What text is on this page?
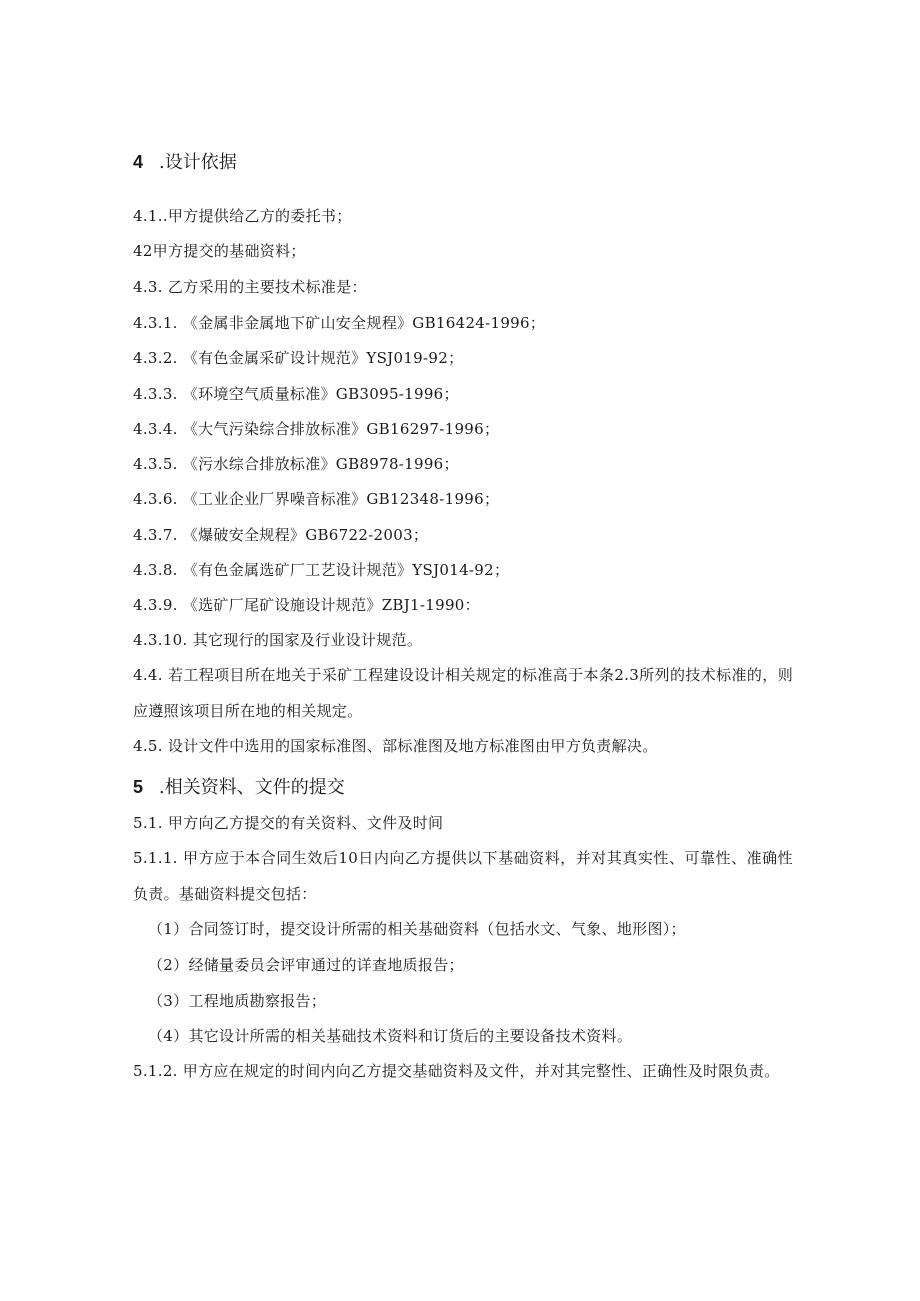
4 .设计依据
4.1..甲方提供给乙方的委托书；
42甲方提交的基础资料；
4.3. 乙方采用的主要技术标准是：
4.3.1. 《金属非金属地下矿山安全规程》GB16424-1996；
4.3.2. 《有色金属采矿设计规范》YSJ019-92；
4.3.3. 《环境空气质量标准》GB3095-1996；
4.3.4. 《大气污染综合排放标准》GB16297-1996；
4.3.5. 《污水综合排放标准》GB8978-1996；
4.3.6. 《工业企业厂界噪音标准》GB12348-1996；
4.3.7. 《爆破安全规程》GB6722-2003；
4.3.8. 《有色金属选矿厂工艺设计规范》YSJ014-92；
4.3.9. 《选矿厂尾矿设施设计规范》ZBJ1-1990：
4.3.10. 其它现行的国家及行业设计规范。
4.4. 若工程项目所在地关于采矿工程建设设计相关规定的标准高于本条2.3所列的技术标准的，则应遵照该项目所在地的相关规定。
4.5. 设计文件中选用的国家标准图、部标准图及地方标准图由甲方负责解决。
5 .相关资料、文件的提交
5.1. 甲方向乙方提交的有关资料、文件及时间
5.1.1. 甲方应于本合同生效后10日内向乙方提供以下基础资料，并对其真实性、可靠性、准确性负责。基础资料提交包括：
（1）合同签订时，提交设计所需的相关基础资料（包括水文、气象、地形图）；
（2）经储量委员会评审通过的详查地质报告；
（3）工程地质勘察报告；
（4）其它设计所需的相关基础技术资料和订货后的主要设备技术资料。
5.1.2. 甲方应在规定的时间内向乙方提交基础资料及文件，并对其完整性、正确性及时限负责。
